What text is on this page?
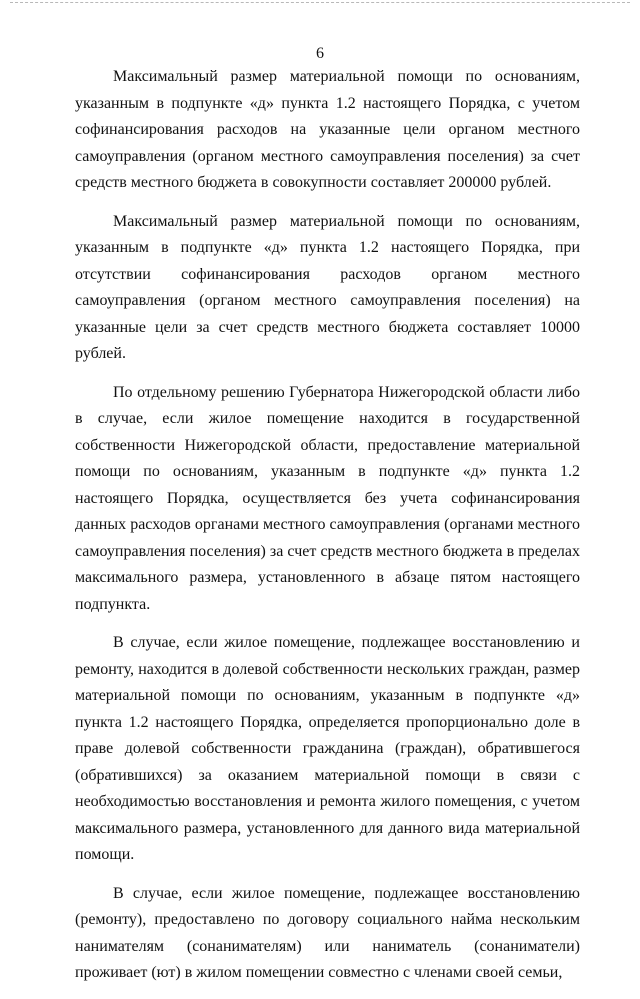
6

Максимальный размер материальной помощи по основаниям, указанным в подпункте «д» пункта 1.2 настоящего Порядка, с учетом софинансирования расходов на указанные цели органом местного самоуправления (органом местного самоуправления поселения) за счет средств местного бюджета в совокупности составляет 200000 рублей.

Максимальный размер материальной помощи по основаниям, указанным в подпункте «д» пункта 1.2 настоящего Порядка, при отсутствии софинансирования расходов органом местного самоуправления (органом местного самоуправления поселения) на указанные цели за счет средств местного бюджета составляет 10000 рублей.

По отдельному решению Губернатора Нижегородской области либо в случае, если жилое помещение находится в государственной собственности Нижегородской области, предоставление материальной помощи по основаниям, указанным в подпункте «д» пункта 1.2 настоящего Порядка, осуществляется без учета софинансирования данных расходов органами местного самоуправления (органами местного самоуправления поселения) за счет средств местного бюджета в пределах максимального размера, установленного в абзаце пятом настоящего подпункта.

В случае, если жилое помещение, подлежащее восстановлению и ремонту, находится в долевой собственности нескольких граждан, размер материальной помощи по основаниям, указанным в подпункте «д» пункта 1.2 настоящего Порядка, определяется пропорционально доле в праве долевой собственности гражданина (граждан), обратившегося (обратившихся) за оказанием материальной помощи в связи с необходимостью восстановления и ремонта жилого помещения, с учетом максимального размера, установленного для данного вида материальной помощи.

В случае, если жилое помещение, подлежащее восстановлению (ремонту), предоставлено по договору социального найма нескольким нанимателям (сонанимателям) или наниматель (сонаниматели) проживает (ют) в жилом помещении совместно с членами своей семьи,
